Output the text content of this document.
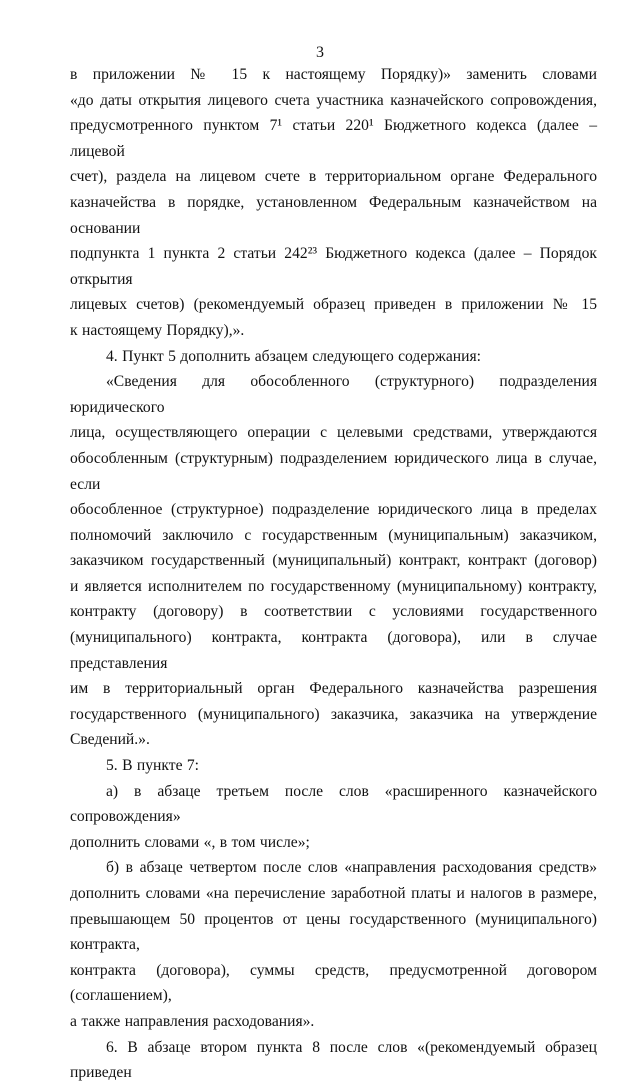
3

в приложении № 15 к настоящему Порядку)» заменить словами

«до даты открытия лицевого счета участника казначейского сопровождения,

предусмотренного пунктом 7¹ статьи 220¹ Бюджетного кодекса (далее – лицевой

счет), раздела на лицевом счете в территориальном органе Федерального

казначейства в порядке, установленном Федеральным казначейством на основании

подпункта 1 пункта 2 статьи 242²³ Бюджетного кодекса (далее – Порядок открытия

лицевых счетов) (рекомендуемый образец приведен в приложении № 15

к настоящему Порядку),».

4. Пункт 5 дополнить абзацем следующего содержания:

«Сведения для обособленного (структурного) подразделения юридического

лица, осуществляющего операции с целевыми средствами, утверждаются

обособленным (структурным) подразделением юридического лица в случае, если

обособленное (структурное) подразделение юридического лица в пределах

полномочий заключило с государственным (муниципальным) заказчиком,

заказчиком государственный (муниципальный) контракт, контракт (договор)

и является исполнителем по государственному (муниципальному) контракту,

контракту (договору) в соответствии с условиями государственного

(муниципального) контракта, контракта (договора), или в случае представления

им в территориальный орган Федерального казначейства разрешения

государственного (муниципального) заказчика, заказчика на утверждение

Сведений.».

5. В пункте 7:

а) в абзаце третьем после слов «расширенного казначейского сопровождения»

дополнить словами «, в том числе»;

б) в абзаце четвертом после слов «направления расходования средств»

дополнить словами «на перечисление заработной платы и налогов в размере,

превышающем 50 процентов от цены государственного (муниципального) контракта,

контракта (договора), суммы средств, предусмотренной договором (соглашением),

а также направления расходования».

6. В абзаце втором пункта 8 после слов «(рекомендуемый образец приведен
